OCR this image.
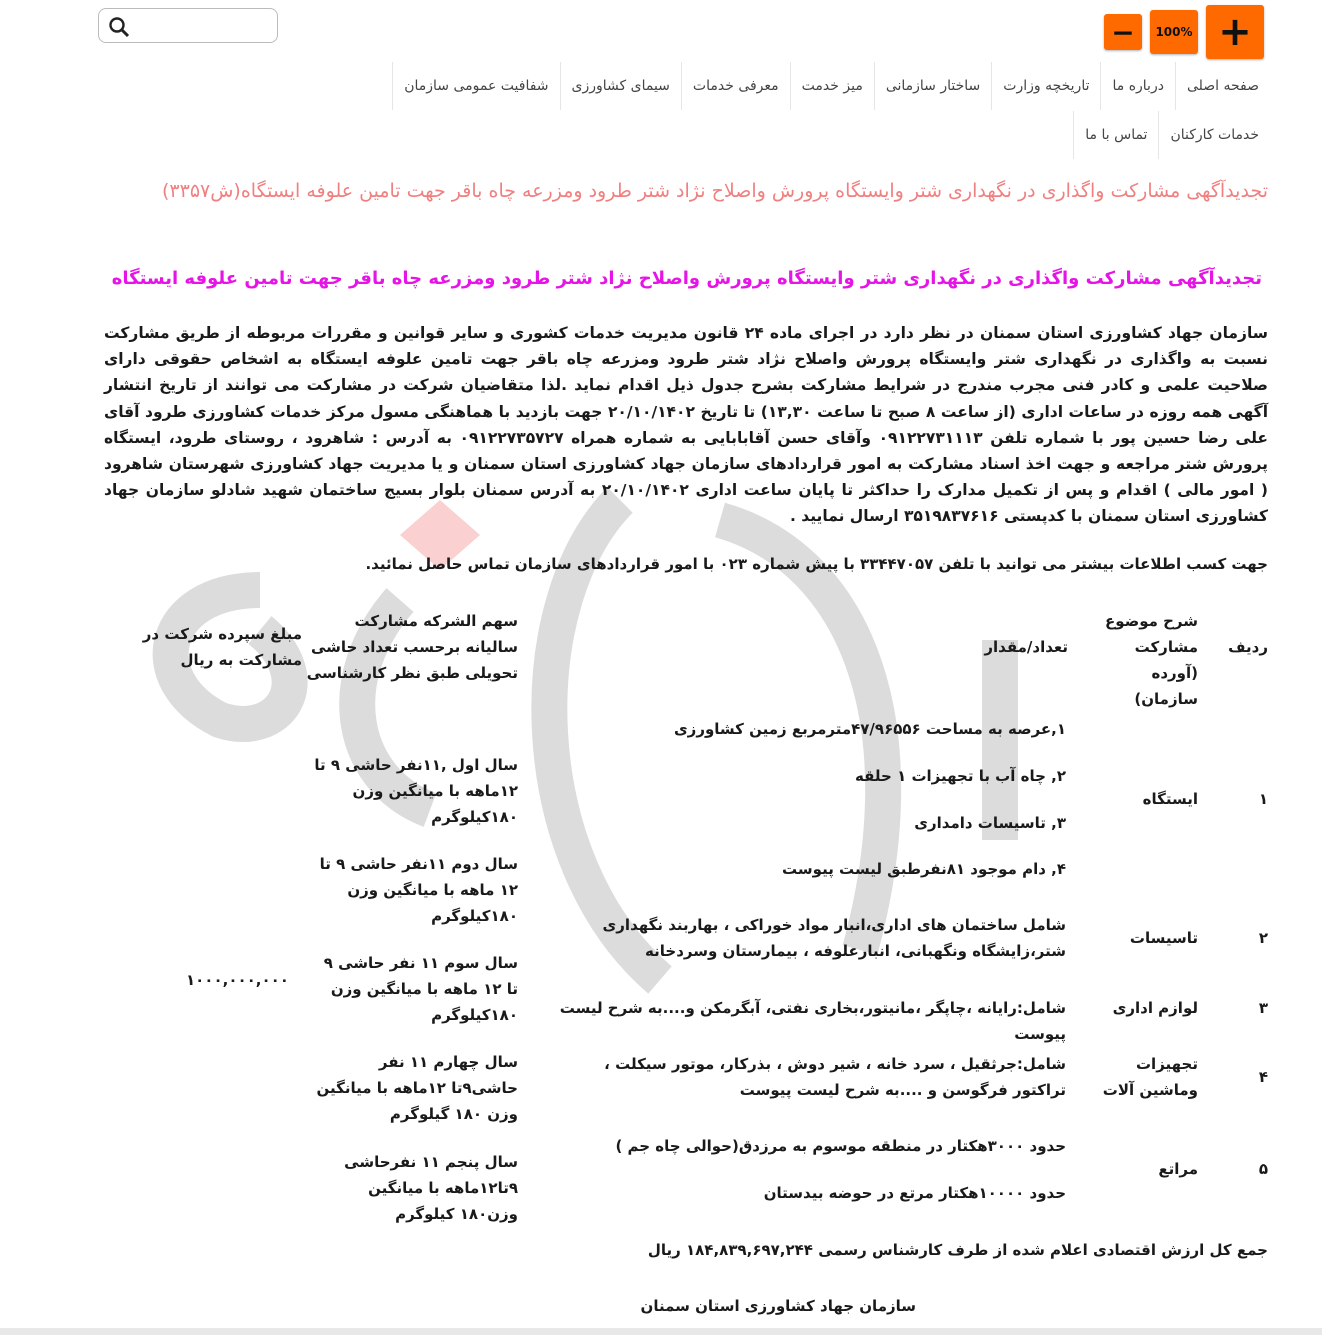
+
100%
−
صفحه اصلی
درباره ما
تاریخچه وزارت
ساختار سازمانی
میز خدمت
معرفی خدمات
سیمای کشاورزی
شفافیت عمومی سازمان
خدمات کارکنان
تماس با ما
تجدیدآگهی مشارکت واگذاری در نگهداری شتر وایستگاه پرورش واصلاح نژاد شتر طرود ومزرعه چاه باقر جهت تامین علوفه ایستگاه(ش۳۳۵۷)
تجدیدآگهی مشارکت واگذاری در نگهداری شتر وایستگاه پرورش واصلاح نژاد شتر طرود ومزرعه چاه باقر جهت تامین علوفه ایستگاه
سازمان جهاد کشاورزی استان سمنان در نظر دارد در اجرای ماده ۲۴ قانون مدیریت خدمات کشوری و سایر قوانین و مقررات مربوطه از طریق مشارکت نسبت به واگذاری در نگهداری شتر وایستگاه پرورش واصلاح نژاد شتر طرود ومزرعه چاه باقر جهت تامین علوفه ایستگاه به اشخاص حقوقی دارای صلاحیت علمی و کادر فنی مجرب مندرج در شرایط مشارکت بشرح جدول ذیل اقدام نماید .لذا متقاضیان شرکت در مشارکت می توانند از تاریخ انتشار آگهی همه روزه در ساعات اداری (از ساعت ۸ صبح تا ساعت ۱۳,۳۰) تا تاریخ ۲۰/۱۰/۱۴۰۲ جهت بازدید با هماهنگی مسول مرکز خدمات کشاورزی طرود آقای علی رضا حسین پور با شماره تلفن ۰۹۱۲۲۷۳۱۱۱۳ وآقای حسن آقابابایی به شماره همراه ۰۹۱۲۲۷۳۵۷۲۷ به آدرس : شاهرود ، روستای طرود، ایستگاه پرورش شتر مراجعه و جهت اخذ اسناد مشارکت به امور قراردادهای سازمان جهاد کشاورزی استان سمنان و یا مدیریت جهاد کشاورزی شهرستان شاهرود ( امور مالی ) اقدام و پس از تکمیل مدارک را حداکثر تا پایان ساعت اداری ۲۰/۱۰/۱۴۰۲ به آدرس سمنان بلوار بسیج ساختمان شهید شادلو سازمان جهاد کشاورزی استان سمنان با کدپستی ۳۵۱۹۸۳۷۶۱۶ ارسال نمایید .
جهت کسب اطلاعات بیشتر می توانید با تلفن ۳۳۴۴۷۰۵۷ با پیش شماره ۰۲۳ با امور قراردادهای سازمان تماس حاصل نمائید.
ردیف
شرح موضوع مشارکت (آورده سازمان)
تعداد/مقدار
سهم الشرکه مشارکت سالیانه برحسب تعداد حاشی تحویلی طبق نظر کارشناسی
مبلغ سپرده شرکت در مشارکت به ریال
۱
ایستگاه
۱,عرصه به مساحت ۴۷/۹۶۵۵۶مترمربع زمین کشاورزی
۲, چاه آب با تجهیزات ۱ حلقه
۳, تاسیسات دامداری
۴, دام موجود ۸۱نفرطبق لیست پیوست
۲
تاسیسات
شامل ساختمان های اداری،انبار مواد خوراکی ، بهاربند نگهداری شتر،زایشگاه ونگهبانی، انبارعلوفه ، بیمارستان وسردخانه
۳
لوازم اداری
شامل:رایانه ،چاپگر ،مانیتور،بخاری نفتی، آبگرمکن و....به شرح لیست پیوست
۴
تجهیزات وماشین آلات
شامل:جرثقیل ، سرد خانه ، شیر دوش ، بذرکار، موتور سیکلت ، تراکتور فرگوسن و ....به شرح لیست پیوست
۵
مراتع
حدود ۳۰۰۰هکتار در منطقه موسوم به مرزدق(حوالی چاه جم )
حدود ۱۰۰۰۰هکتار مرتع در حوضه بیدستان
سال اول ,۱۱نفر حاشی ۹ تا ۱۲ماهه با میانگین وزن ۱۸۰کیلوگرم
سال دوم ۱۱نفر حاشی ۹ تا ۱۲ ماهه با میانگین وزن ۱۸۰کیلوگرم
سال سوم ۱۱ نفر حاشی ۹ تا ۱۲ ماهه با میانگین وزن ۱۸۰کیلوگرم
سال چهارم ۱۱ نفر حاشی۹تا ۱۲ماهه با میانگین وزن ۱۸۰ گیلوگرم
سال پنجم ۱۱ نفرحاشی ۹تا۱۲ماهه با میانگین وزن۱۸۰ کیلوگرم
۱۰۰۰,۰۰۰,۰۰۰
جمع کل ارزش اقتصادی اعلام شده از طرف کارشناس رسمی ۱۸۴,۸۳۹,۶۹۷,۲۴۴ ریال
سازمان جهاد کشاورزی استان سمنان
